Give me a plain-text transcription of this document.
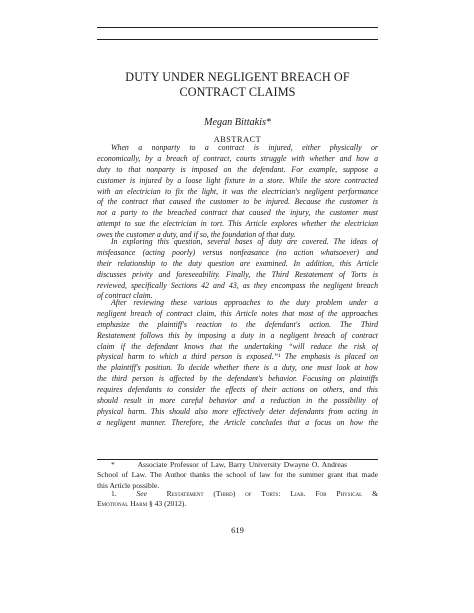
DUTY UNDER NEGLIGENT BREACH OF
CONTRACT CLAIMS
Megan Bittakis*
ABSTRACT
When a nonparty to a contract is injured, either physically or
economically, by a breach of contract, courts struggle with whether and how a
duty to that nonparty is imposed on the defendant. For example, suppose a
customer is injured by a loose light fixture in a store. While the store contracted
with an electrician to fix the light, it was the electrician's negligent performance
of the contract that caused the customer to be injured. Because the customer is
not a party to the breached contract that caused the injury, the customer must
attempt to sue the electrician in tort. This Article explores whether the electrician
owes the customer a duty, and if so, the foundation of that duty.
In exploring this question, several bases of duty are covered. The ideas of
misfeasance (acting poorly) versus nonfeasance (no action whatsoever) and
their relationship to the duty question are examined. In addition, this Article
discusses privity and foreseeability. Finally, the Third Restatement of Torts is
reviewed, specifically Sections 42 and 43, as they encompass the negligent breach
of contract claim.
After reviewing these various approaches to the duty problem under a
negligent breach of contract claim, this Article notes that most of the approaches
emphasize the plaintiff's reaction to the defendant's action. The Third
Restatement follows this by imposing a duty in a negligent breach of contract
claim if the defendant knows that the undertaking “will reduce the risk of
physical harm to which a third person is exposed.”¹ The emphasis is placed on
the plaintiff's position. To decide whether there is a duty, one must look at how
the third person is affected by the defendant's behavior. Focusing on plaintiffs
requires defendants to consider the effects of their actions on others, and this
should result in more careful behavior and a reduction in the possibility of
physical harm. This should also more effectively deter defendants from acting in
a negligent manner. Therefore, the Article concludes that a focus on how the
*        Associate Professor of Law, Barry University Dwayne O. Andreas
School of Law. The Author thanks the school of law for the summer grant that made
this Article possible.
1.	See	Restatement (Third) of Torts: Liab. For Physical &
Emotional Harm § 43 (2012).
619
